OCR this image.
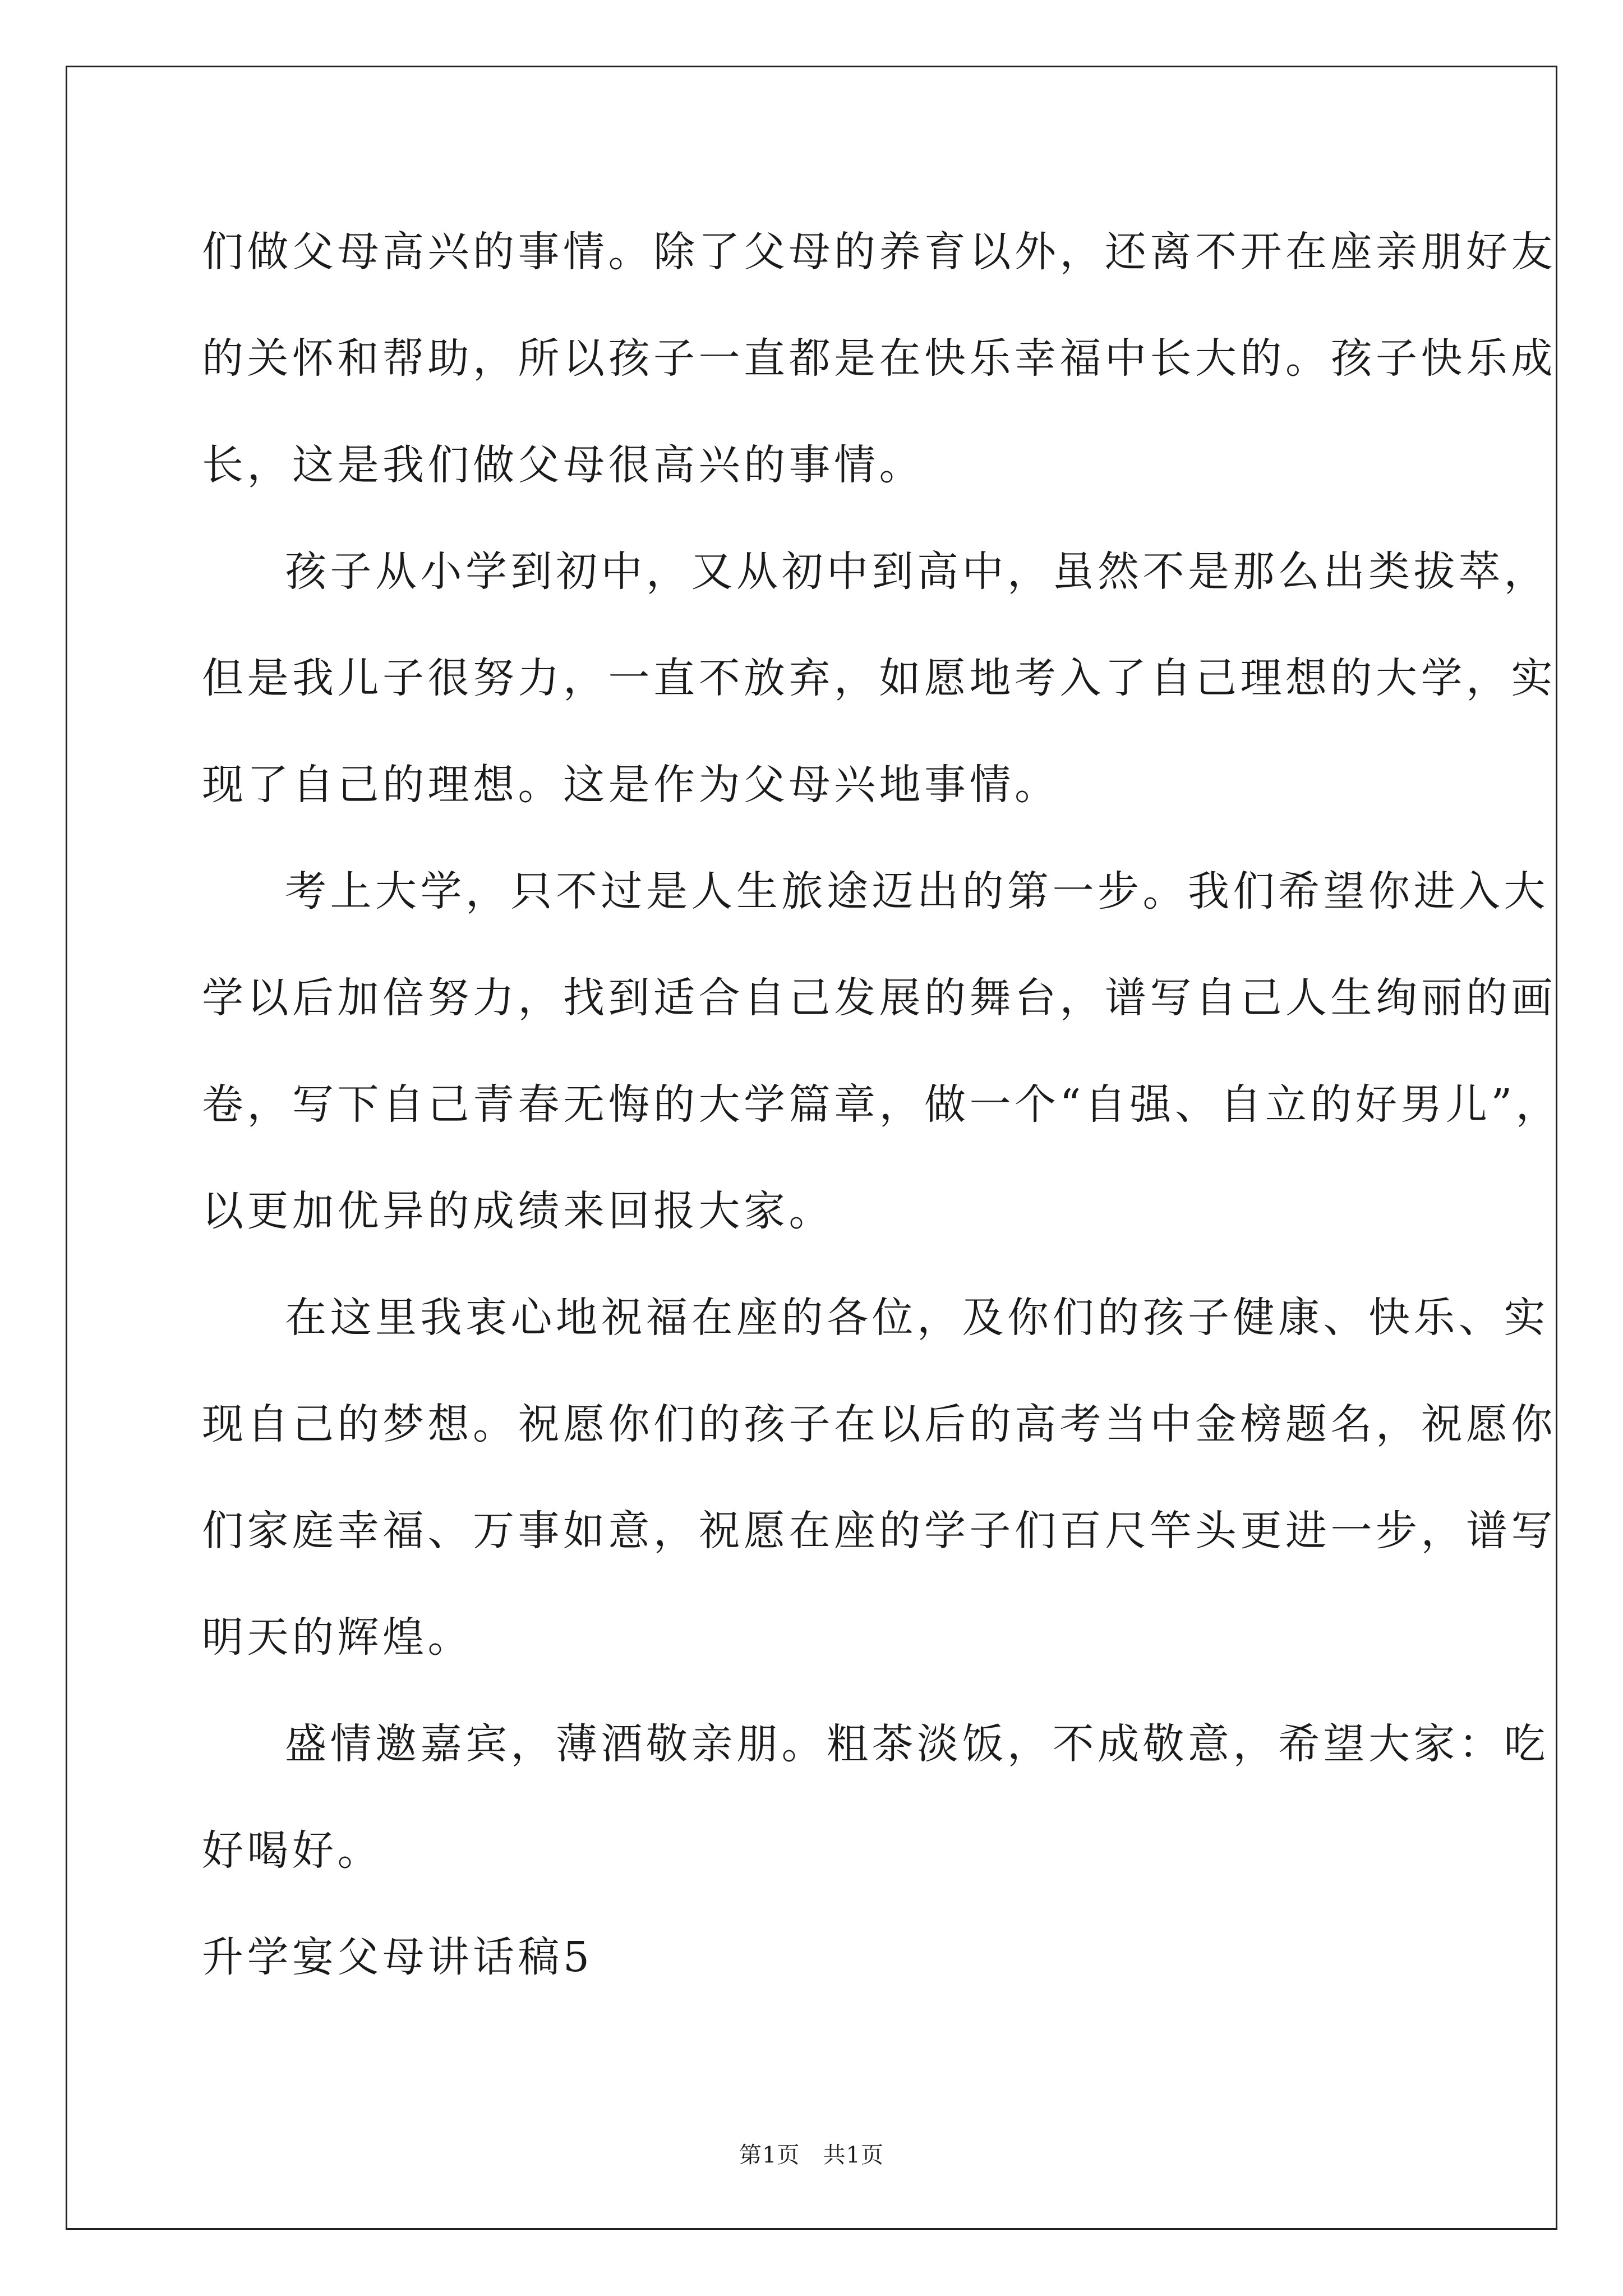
们做父母高兴的事情。除了父母的养育以外，还离不开在座亲朋好友

的关怀和帮助，所以孩子一直都是在快乐幸福中长大的。孩子快乐成

长，这是我们做父母很高兴的事情。

孩子从小学到初中，又从初中到高中，虽然不是那么出类拔萃，

但是我儿子很努力，一直不放弃，如愿地考入了自己理想的大学，实

现了自己的理想。这是作为父母兴地事情。

考上大学，只不过是人生旅途迈出的第一步。我们希望你进入大

学以后加倍努力，找到适合自己发展的舞台，谱写自己人生绚丽的画

卷，写下自己青春无悔的大学篇章，做一个“自强、自立的好男儿”，

以更加优异的成绩来回报大家。

在这里我衷心地祝福在座的各位，及你们的孩子健康、快乐、实

现自己的梦想。祝愿你们的孩子在以后的高考当中金榜题名，祝愿你

们家庭幸福、万事如意，祝愿在座的学子们百尺竿头更进一步，谱写

明天的辉煌。

盛情邀嘉宾，薄酒敬亲朋。粗茶淡饭，不成敬意，希望大家：吃

好喝好。

升学宴父母讲话稿5

第1页   共1页
